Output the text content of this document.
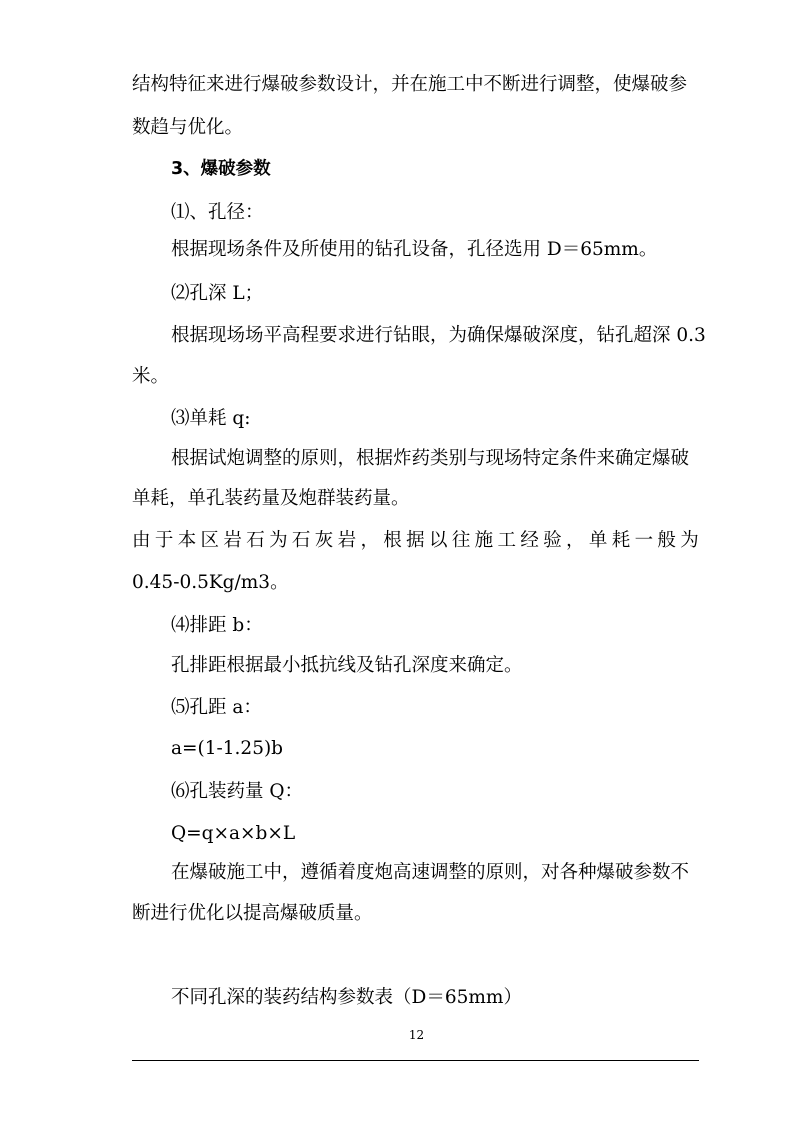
结构特征来进行爆破参数设计，并在施工中不断进行调整，使爆破参

数趋与优化。

3、爆破参数

⑴、孔径：

根据现场条件及所使用的钻孔设备，孔径选用 D＝65mm。

⑵孔深 L；

根据现场场平高程要求进行钻眼，为确保爆破深度，钻孔超深 0.3

米。

⑶单耗 q:

根据试炮调整的原则，根据炸药类别与现场特定条件来确定爆破

单耗，单孔装药量及炮群装药量。

由 于 本 区 岩 石 为 石 灰 岩 ， 根 据 以 往 施 工 经 验 ， 单 耗 一 般 为

0.45-0.5Kg/m3。

⑷排距 b：

孔排距根据最小抵抗线及钻孔深度来确定。

⑸孔距 a：

a=(1-1.25)b

⑹孔装药量 Q：

Q=q×a×b×L

在爆破施工中，遵循着度炮高速调整的原则，对各种爆破参数不

断进行优化以提高爆破质量。

不同孔深的装药结构参数表（D＝65mm）

12
